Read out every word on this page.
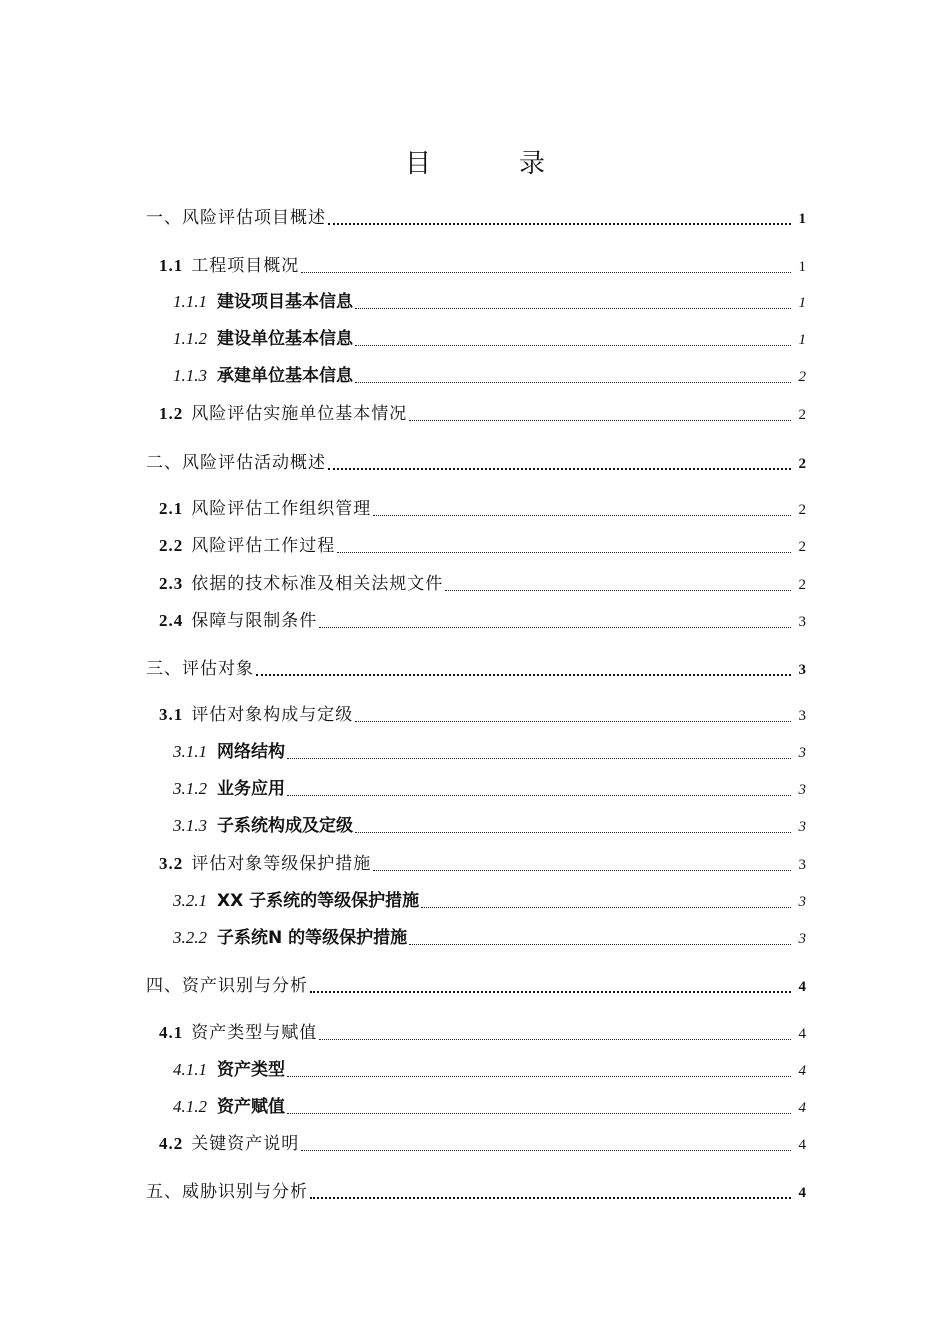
目	录
一、风险评估项目概述	1
1.1 工程项目概况	1
1.1.1 建设项目基本信息	1
1.1.2 建设单位基本信息	1
1.1.3 承建单位基本信息	2
1.2 风险评估实施单位基本情况	2
二、风险评估活动概述	2
2.1 风险评估工作组织管理	2
2.2 风险评估工作过程	2
2.3 依据的技术标准及相关法规文件	2
2.4 保障与限制条件	3
三、评估对象	3
3.1 评估对象构成与定级	3
3.1.1 网络结构	3
3.1.2 业务应用	3
3.1.3 子系统构成及定级	3
3.2 评估对象等级保护措施	3
3.2.1 XX 子系统的等级保护措施	3
3.2.2 子系统N 的等级保护措施	3
四、资产识别与分析	4
4.1 资产类型与赋值	4
4.1.1 资产类型	4
4.1.2 资产赋值	4
4.2 关键资产说明	4
五、威胁识别与分析	4
